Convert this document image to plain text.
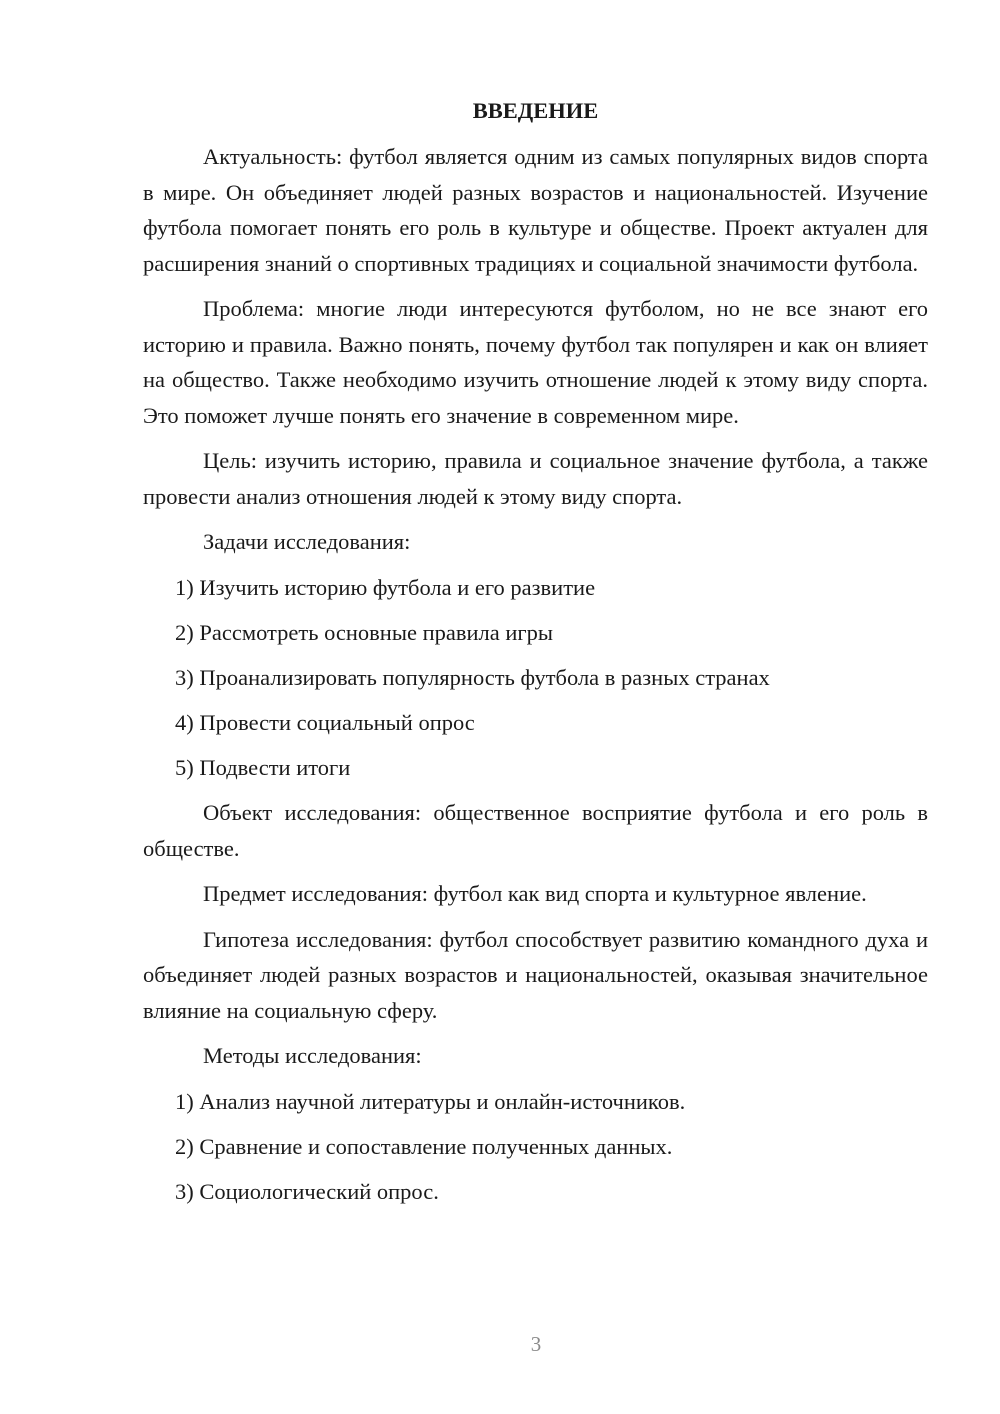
ВВЕДЕНИЕ

Актуальность: футбол является одним из самых популярных видов спорта в мире. Он объединяет людей разных возрастов и национальностей. Изучение футбола помогает понять его роль в культуре и обществе. Проект актуален для расширения знаний о спортивных традициях и социальной значимости футбола.

Проблема: многие люди интересуются футболом, но не все знают его историю и правила. Важно понять, почему футбол так популярен и как он влияет на общество. Также необходимо изучить отношение людей к этому виду спорта. Это поможет лучше понять его значение в современном мире.

Цель: изучить историю, правила и социальное значение футбола, а также провести анализ отношения людей к этому виду спорта.

Задачи исследования:

1) Изучить историю футбола и его развитие

2) Рассмотреть основные правила игры

3) Проанализировать популярность футбола в разных странах

4) Провести социальный опрос

5) Подвести итоги

Объект исследования: общественное восприятие футбола и его роль в обществе.

Предмет исследования: футбол как вид спорта и культурное явление.

Гипотеза исследования: футбол способствует развитию командного духа и объединяет людей разных возрастов и национальностей, оказывая значительное влияние на социальную сферу.

Методы исследования:

1) Анализ научной литературы и онлайн-источников.

2) Сравнение и сопоставление полученных данных.

3) Социологический опрос.

3
